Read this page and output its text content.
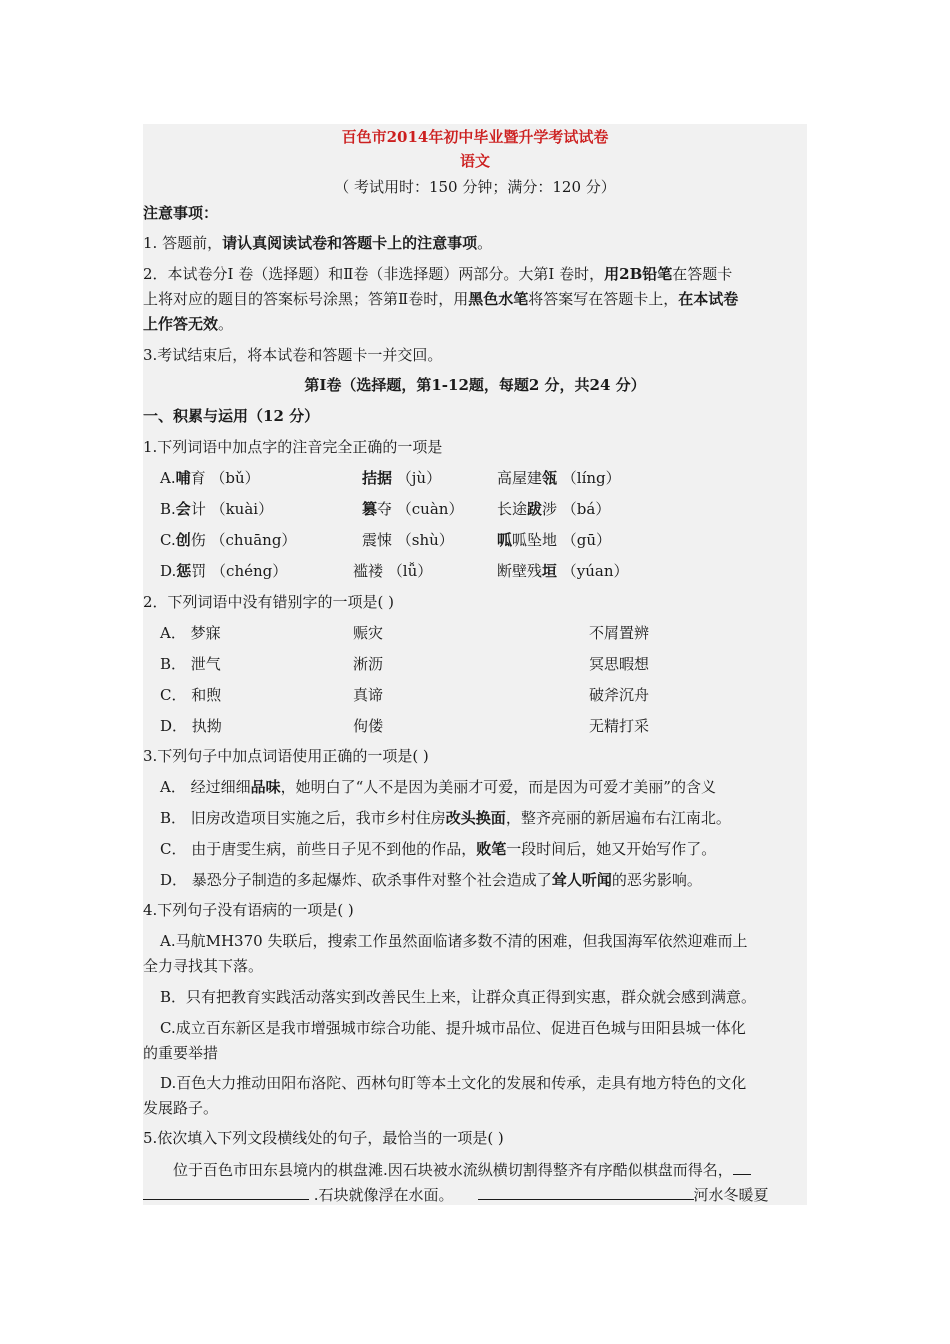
百色市2014年初中毕业暨升学考试试卷
语文
（ 考试用时：150 分钟；满分：120 分）
注意事项：
1. 答题前，请认真阅读试卷和答题卡上的注意事项。
2．本试卷分Ⅰ 卷（选择题）和Ⅱ卷（非选择题）两部分。大第Ⅰ 卷时，用2B铅笔在答题卡
上将对应的题目的答案标号涂黑；答第Ⅱ卷时，用黑色水笔将答案写在答题卡上，在本试卷
上作答无效。
3.考试结束后，将本试卷和答题卡一并交回。
第Ⅰ卷（选择题，第1-12题，每题2 分，共24 分）
一、积累与运用（12 分）
1.下列词语中加点字的注音完全正确的一项是
A.哺育 （bǔ）	拮据 （jù）	高屋建瓴 （líng）
B.会计 （kuài）	篡夺 （cuàn） 长途跋涉 （bá）
C.创伤 （chuāng）	震悚 （shù）	呱呱坠地 （gū）
D.惩罚 （chéng）	褴褛 （lǚ）	断壁残垣 （yúan）
2．下列词语中没有错别字的一项是( )
A． 梦寐	赈灾	不屑置辨
B． 泄气	淅沥	冥思暇想
C． 和煦	真谛	破斧沉舟
D． 执拗	佝偻	无精打采
3.下列句子中加点词语使用正确的一项是( )
A． 经过细细品味，她明白了“人不是因为美丽才可爱，而是因为可爱才美丽”的含义
B． 旧房改造项目实施之后，我市乡村住房改头换面，整齐亮丽的新居遍布右江南北。
C． 由于唐雯生病，前些日子见不到他的作品，败笔一段时间后，她又开始写作了。
D． 暴恐分子制造的多起爆炸、砍杀事件对整个社会造成了耸人听闻的恶劣影响。
4.下列句子没有语病的一项是( )
A.马航MH370 失联后，搜索工作虽然面临诸多数不清的困难，但我国海军依然迎难而上
全力寻找其下落。
B．只有把教育实践活动落实到改善民生上来，让群众真正得到实惠，群众就会感到满意。
C.成立百东新区是我市增强城市综合功能、提升城市品位、促进百色城与田阳县城一体化
的重要举措
D.百色大力推动田阳布洛陀、西林句盯等本土文化的发展和传承，走具有地方特色的文化
发展路子。
5.依次填入下列文段横线处的句子，最恰当的一项是( )
位于百色市田东县境内的棋盘滩.因石块被水流纵横切割得整齐有序酷似棋盘而得名，
.石块就像浮在水面。	河水冬暖夏
